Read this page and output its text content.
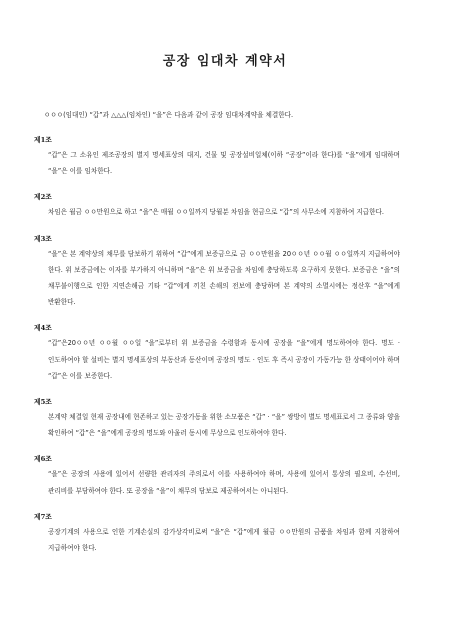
공장 임대차 계약서
ㅇㅇㅇ(임대인) “갑”과 △△△(임차인) “을”은 다음과 같이 공장 임대차계약을 체결한다.
제1조
“갑”은 그 소유인 제조공장의 별지 명세표상의 대지, 건물 및 공장설비일체(이하 “공장”이라 한다)를 “을”에게 임대하며 “을”은 이를 임차한다.
제2조
차임은 월금 ㅇㅇ만원으로 하고 “을”은 매월 ㅇㅇ일까지 당월분 차임을 현금으로 “갑”의 사무소에 지참하여 지급한다.
제3조
“을”은 본 계약상의 채무를 담보하기 위하여 “갑”에게 보증금으로 금 ㅇㅇ만원을 20ㅇㅇ년 ㅇㅇ월 ㅇㅇ일까지 지급하여야 한다. 위 보증금에는 이자를 부가하지 아니하며 “을”은 위 보증금을 차임에 충당하도록 요구하지 못한다. 보증금은 “을”의 채무불이행으로 인한 지연손해금 기타 “갑”에게 끼친 손해의 전보에 충당하며 본 계약의 소멸시에는 정산후 “을”에게 반환한다.
제4조
“갑”은20ㅇㅇ년 ㅇㅇ월 ㅇㅇ일 “을”로부터 위 보증금을 수령함과 동시에 공장을 “을”에게 명도하여야 한다. 명도 · 인도하여야 할 설비는 별지 명세표상의 부동산과 동산이며 공장의 명도 · 인도 후 즉시 공장이 가동가능 한 상태이어야 하며 “갑”은 이를 보증한다.
제5조
본계약 체결일 현재 공장내에 현존하고 있는 공장가동을 위한 소모품은 “갑” · “을” 쌍방이 별도 명세표로서 그 종류와 양을 확인하여 “갑”은 “을”에게 공장의 명도와 아울러 동시에 무상으로 인도하여야 한다.
제6조
“을”은 공장의 사용에 있어서 선량한 관리자의 주의로서 이를 사용하여야 하며, 사용에 있어서 통상의 필요비, 수선비, 관리비를 부담하여야 한다. 또 공장을 “을”이 채무의 담보로 제공하여서는 아니된다.
제7조
공장기계의 사용으로 인한 기계손실의 감가상각비로써 “을”은 “갑”에게 월금 ㅇㅇ만원의 금품을 차임과 함께 지참하여 지급하여야 한다.
